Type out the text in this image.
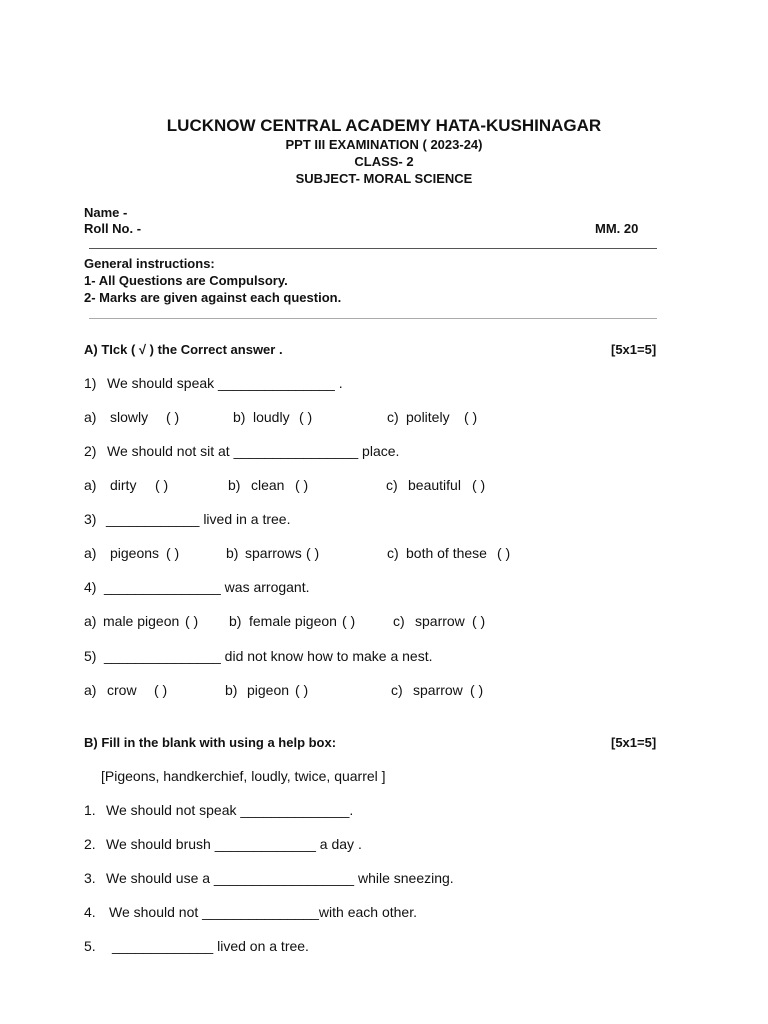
LUCKNOW CENTRAL ACADEMY HATA-KUSHINAGAR
PPT III EXAMINATION ( 2023-24)
CLASS- 2
SUBJECT- MORAL SCIENCE
Name -
Roll No. -	MM. 20
General instructions:
1- All Questions are Compulsory.
2- Marks are given against each question.
A) TIck ( √ ) the Correct answer .	[5x1=5]
1) We should speak _______________ .
a) slowly ( )	b) loudly ( )	c) politely ( )
2) We should not sit at ________________ place.
a) dirty ( )	b) clean ( )	c) beautiful ( )
3) ____________ lived in a tree.
a) pigeons ( )	b) sparrows ( )	c) both of these ( )
4) _______________ was arrogant.
a) male pigeon ( ) b) female pigeon ( )	c) sparrow ( )
5) _______________ did not know how to make a nest.
a) crow ( )	b) pigeon ( )	c) sparrow ( )
B) Fill in the blank with using a help box:	[5x1=5]
[Pigeons, handkerchief, loudly, twice, quarrel ]
1. We should not speak ______________.
2. We should brush _____________ a day .
3. We should use a __________________ while sneezing.
4. We should not _______________with each other.
5. _____________ lived on a tree.
